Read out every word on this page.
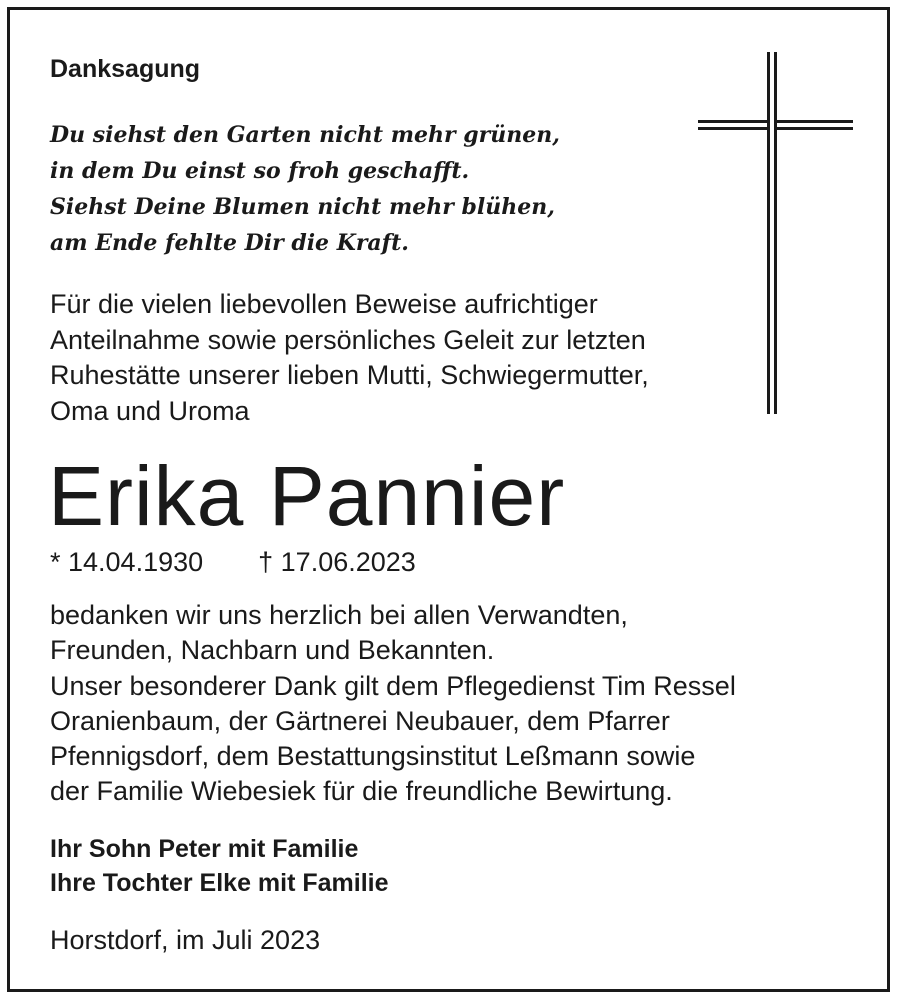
Danksagung
Du siehst den Garten nicht mehr grünen,
in dem Du einst so froh geschafft.
Siehst Deine Blumen nicht mehr blühen,
am Ende fehlte Dir die Kraft.
Für die vielen liebevollen Beweise aufrichtiger
Anteilnahme sowie persönliches Geleit zur letzten
Ruhestätte unserer lieben Mutti, Schwiegermutter,
Oma und Uroma
Erika Pannier
* 14.04.1930 † 17.06.2023
bedanken wir uns herzlich bei allen Verwandten,
Freunden, Nachbarn und Bekannten.
Unser besonderer Dank gilt dem Pflegedienst Tim Ressel
Oranienbaum, der Gärtnerei Neubauer, dem Pfarrer
Pfennigsdorf, dem Bestattungsinstitut Leßmann sowie
der Familie Wiebesiek für die freundliche Bewirtung.
Ihr Sohn Peter mit Familie
Ihre Tochter Elke mit Familie
Horstdorf, im Juli 2023
